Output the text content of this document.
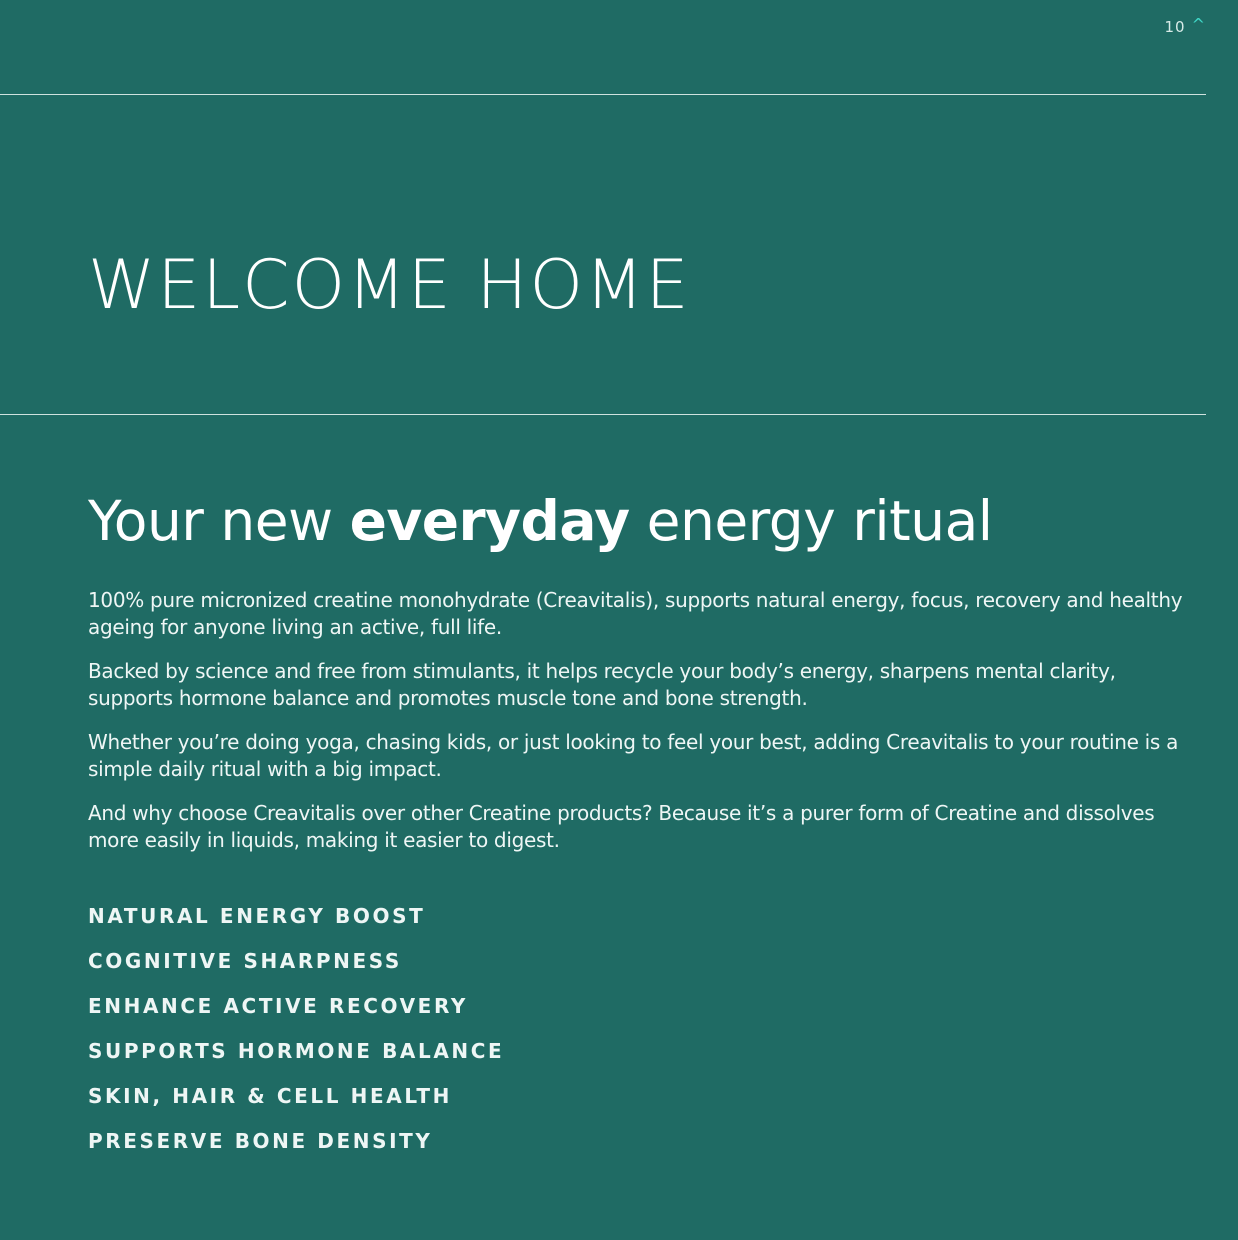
10 ^
WELCOME HOME
Your new everyday energy ritual

100% pure micronized creatine monohydrate (Creavitalis), supports natural energy, focus, recovery and healthy ageing for anyone living an active, full life.

Backed by science and free from stimulants, it helps recycle your body’s energy, sharpens mental clarity, supports hormone balance and promotes muscle tone and bone strength.

Whether you’re doing yoga, chasing kids, or just looking to feel your best, adding Creavitalis to your routine is a simple daily ritual with a big impact.

And why choose Creavitalis over other Creatine products? Because it’s a purer form of Creatine and dissolves more easily in liquids, making it easier to digest.

NATURAL ENERGY BOOST
COGNITIVE SHARPNESS
ENHANCE ACTIVE RECOVERY
SUPPORTS HORMONE BALANCE
SKIN, HAIR & CELL HEALTH
PRESERVE BONE DENSITY
